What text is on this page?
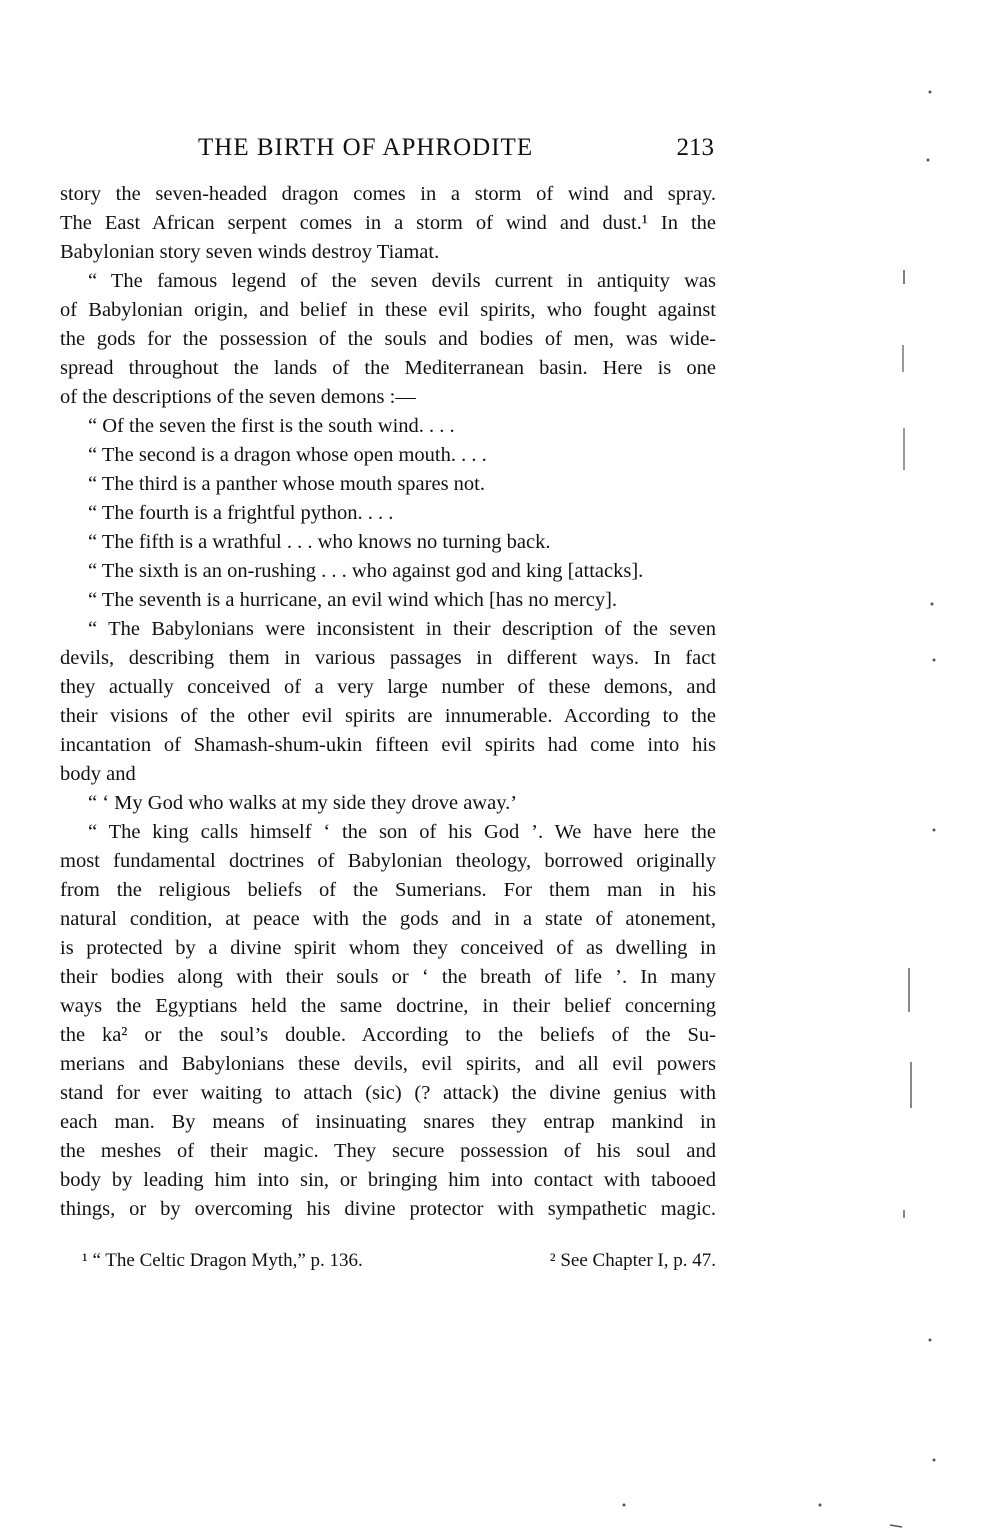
THE BIRTH OF APHRODITE	213
story the seven-headed dragon comes in a storm of wind and spray.
The East African serpent comes in a storm of wind and dust.¹ In the
Babylonian story seven winds destroy Tiamat.
“ The famous legend of the seven devils current in antiquity was
of Babylonian origin, and belief in these evil spirits, who fought against
the gods for the possession of the souls and bodies of men, was wide-
spread throughout the lands of the Mediterranean basin. Here is one
of the descriptions of the seven demons :—
“ Of the seven the first is the south wind. . . .
“ The second is a dragon whose open mouth. . . .
“ The third is a panther whose mouth spares not.
“ The fourth is a frightful python. . . .
“ The fifth is a wrathful . . . who knows no turning back.
“ The sixth is an on-rushing . . . who against god and king [attacks].
“ The seventh is a hurricane, an evil wind which [has no mercy].
“ The Babylonians were inconsistent in their description of the seven
devils, describing them in various passages in different ways. In fact
they actually conceived of a very large number of these demons, and
their visions of the other evil spirits are innumerable. According to the
incantation of Shamash-shum-ukin fifteen evil spirits had come into his
body and
“ ‘ My God who walks at my side they drove away.’
“ The king calls himself ‘ the son of his God ’. We have here the
most fundamental doctrines of Babylonian theology, borrowed originally
from the religious beliefs of the Sumerians. For them man in his
natural condition, at peace with the gods and in a state of atonement,
is protected by a divine spirit whom they conceived of as dwelling in
their bodies along with their souls or ‘ the breath of life ’. In many
ways the Egyptians held the same doctrine, in their belief concerning
the ka² or the soul’s double. According to the beliefs of the Su-
merians and Babylonians these devils, evil spirits, and all evil powers
stand for ever waiting to attach (sic) (? attack) the divine genius with
each man. By means of insinuating snares they entrap mankind in
the meshes of their magic. They secure possession of his soul and
body by leading him into sin, or bringing him into contact with tabooed
things, or by overcoming his divine protector with sympathetic magic.
¹ “ The Celtic Dragon Myth,” p. 136.	² See Chapter I, p. 47.
